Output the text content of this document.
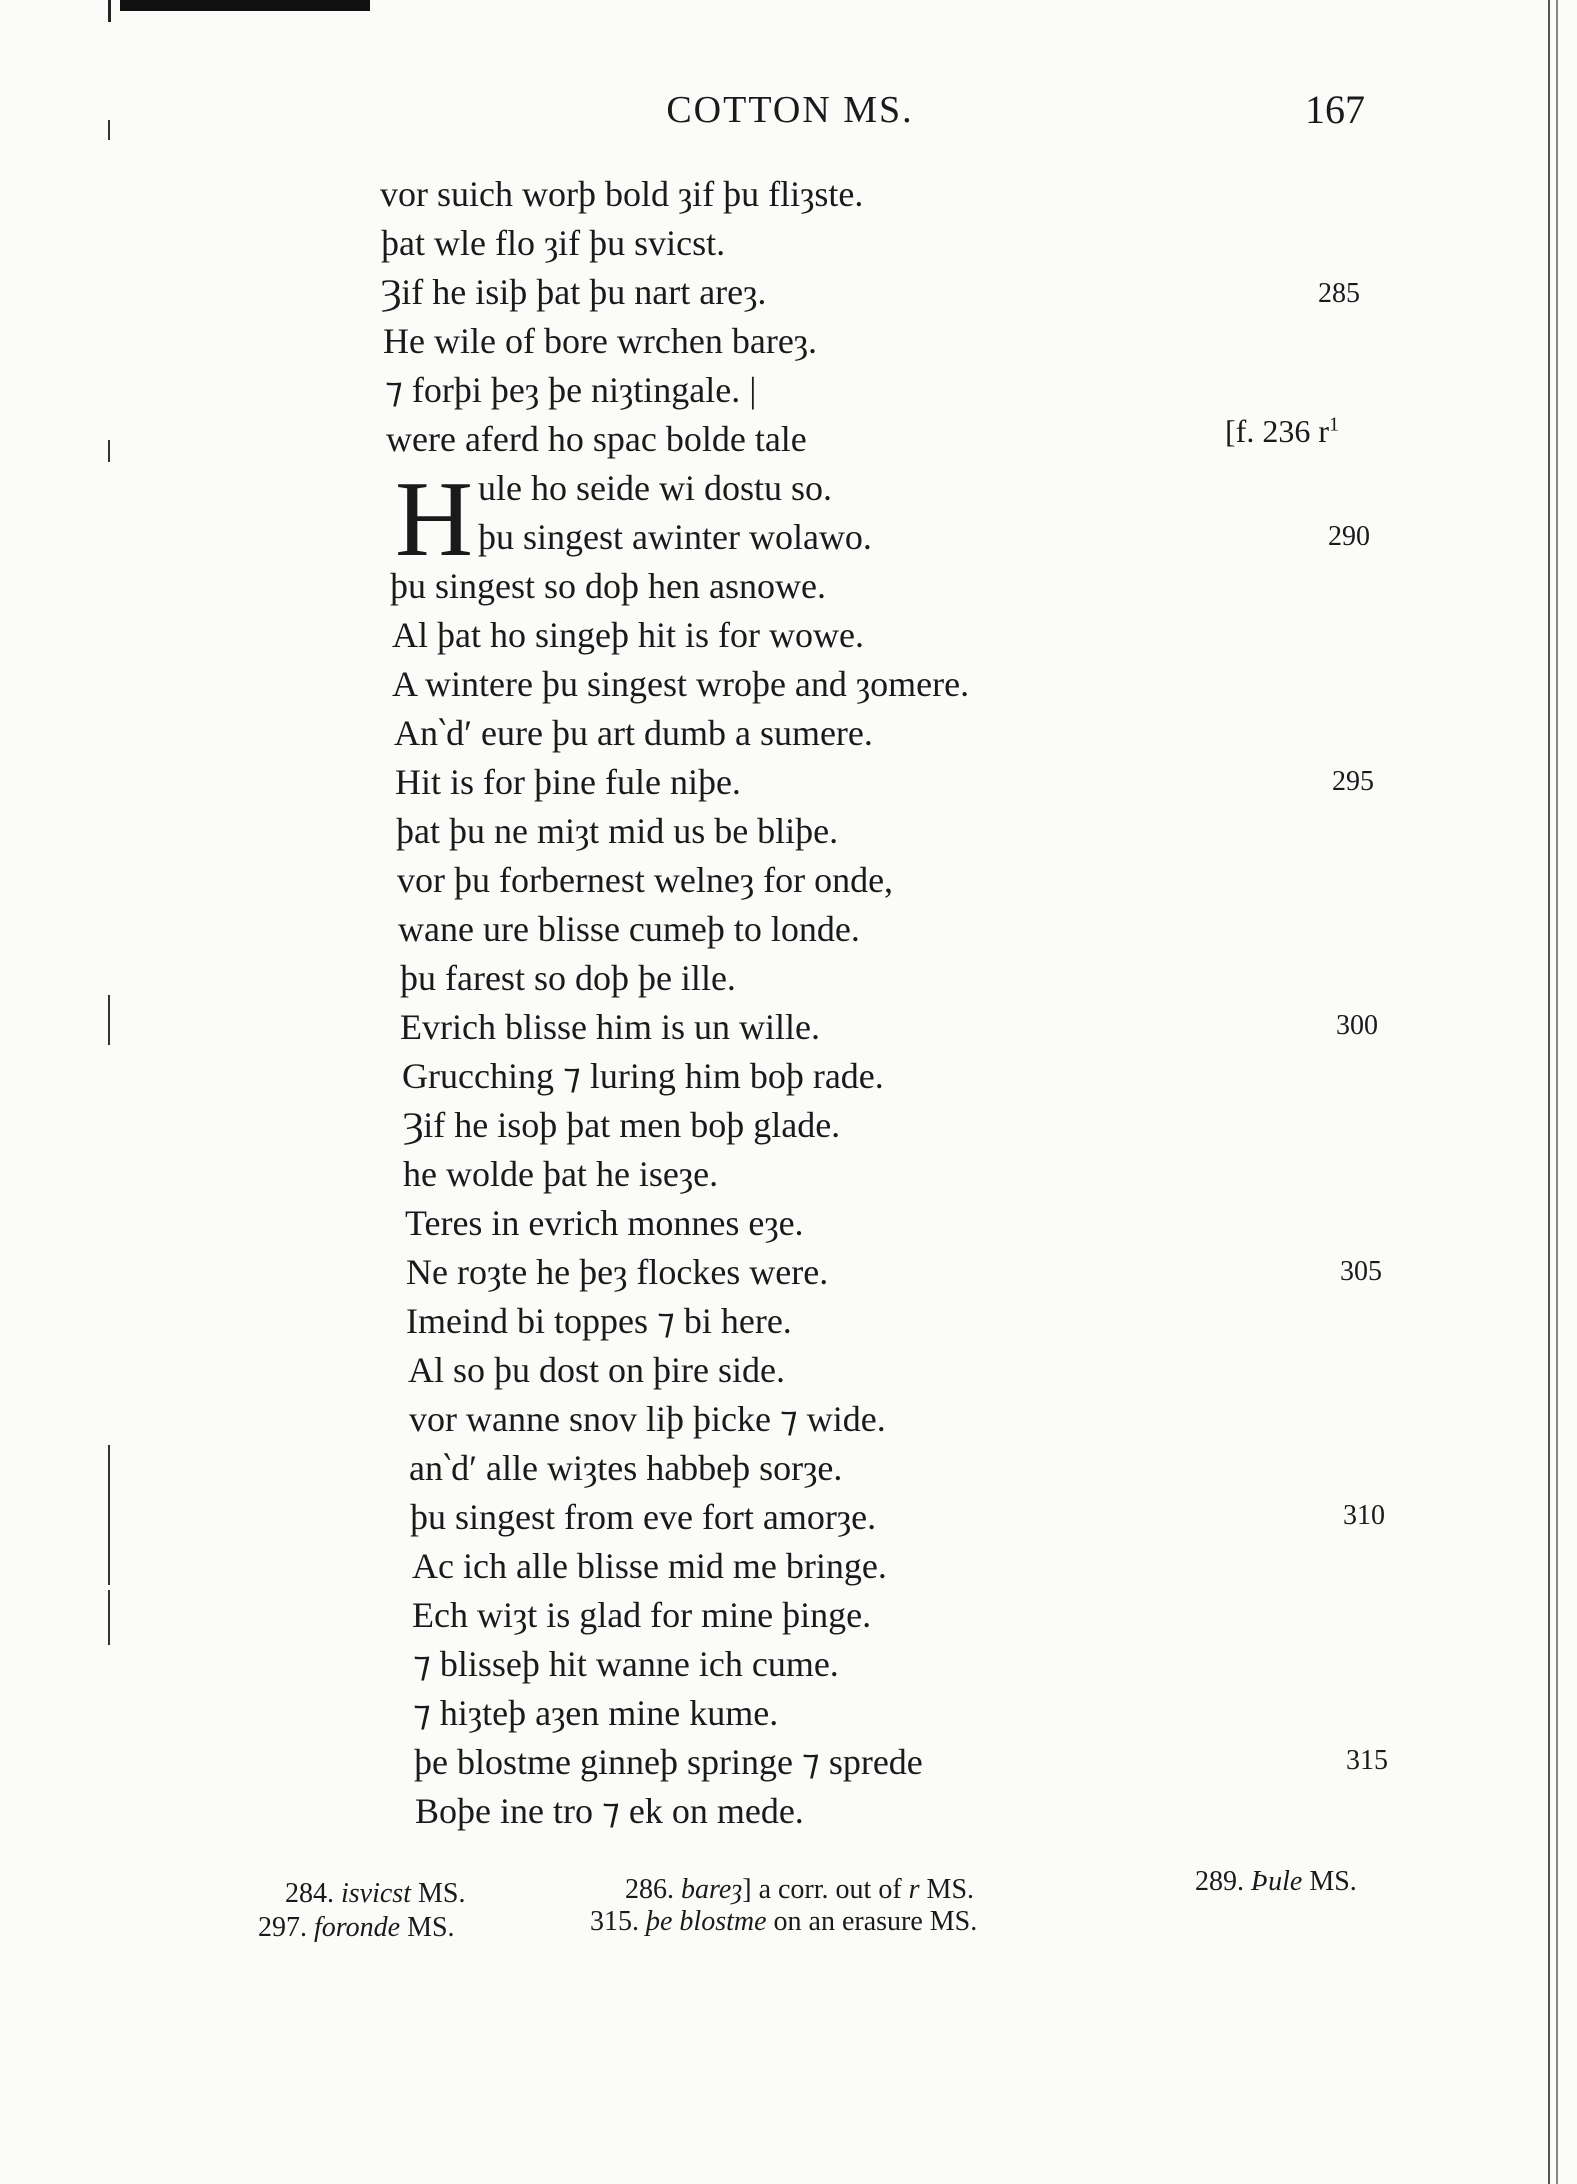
COTTON MS.	167
vor suich worþ bold ȝif þu fliȝste.
þat wle flo ȝif þu svicst.
Ȝif he isiþ þat þu nart areȝ.
He wile of bore wrchen bareȝ.
⁊ forþi þeȝ þe niȝtingale. |
were aferd ho spac bolde tale
H ule ho seide wi dostu so.
þu singest awinter wolawo.
þu singest so doþ hen asnowe.
Al þat ho singeþ hit is for wowe.
A wintere þu singest wroþe and ȝomere.
An‵d′ eure þu art dumb a sumere.
Hit is for þine fule niþe.
þat þu ne miȝt mid us be bliþe.
vor þu forbernest welneȝ for onde,
wane ure blisse cumeþ to londe.
þu farest so doþ þe ille.
Evrich blisse him is un wille.
Grucching ⁊ luring him boþ rade.
Ȝif he isoþ þat men boþ glade.
he wolde þat he iseȝe.
Teres in evrich monnes eȝe.
Ne roȝte he þeȝ flockes were.
Imeind bi toppes ⁊ bi here.
Al so þu dost on þire side.
vor wanne snov liþ þicke ⁊ wide.
an‵d′ alle wiȝtes habbeþ sorȝe.
þu singest from eve fort amorȝe.
Ac ich alle blisse mid me bringe.
Ech wiȝt is glad for mine þinge.
⁊ blisseþ hit wanne ich cume.
⁊ hiȝteþ aȝen mine kume.
þe blostme ginneþ springe ⁊ sprede
Boþe ine tro ⁊ ek on mede.
285
[f. 236 $r^1$
290
295
300
305
310
315
284. isvicst MS.	286. bareȝ] a corr. out of r MS.	289. Þule MS.
297. foronde MS.	315. þe blostme on an erasure MS.
